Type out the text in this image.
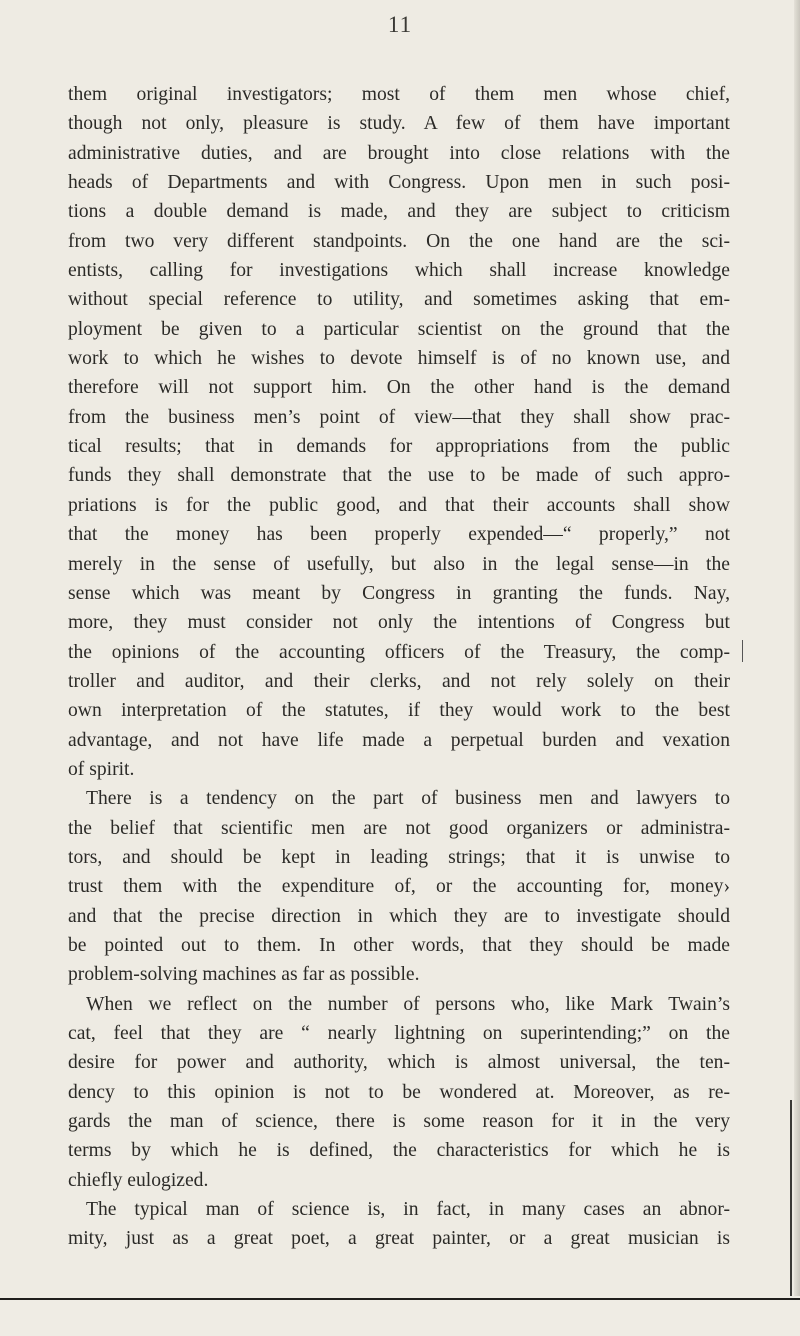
11

them original investigators; most of them men whose chief,
though not only, pleasure is study. A few of them have important
administrative duties, and are brought into close relations with the
heads of Departments and with Congress. Upon men in such posi-
tions a double demand is made, and they are subject to criticism
from two very different standpoints. On the one hand are the sci-
entists, calling for investigations which shall increase knowledge
without special reference to utility, and sometimes asking that em-
ployment be given to a particular scientist on the ground that the
work to which he wishes to devote himself is of no known use, and
therefore will not support him. On the other hand is the demand
from the business men’s point of view—that they shall show prac-
tical results; that in demands for appropriations from the public
funds they shall demonstrate that the use to be made of such appro-
priations is for the public good, and that their accounts shall show
that the money has been properly expended—“ properly,” not
merely in the sense of usefully, but also in the legal sense—in the
sense which was meant by Congress in granting the funds. Nay,
more, they must consider not only the intentions of Congress but
the opinions of the accounting officers of the Treasury, the comp-
troller and auditor, and their clerks, and not rely solely on their
own interpretation of the statutes, if they would work to the best
advantage, and not have life made a perpetual burden and vexation
of spirit.

There is a tendency on the part of business men and lawyers to
the belief that scientific men are not good organizers or administra-
tors, and should be kept in leading strings; that it is unwise to
trust them with the expenditure of, or the accounting for, money›
and that the precise direction in which they are to investigate should
be pointed out to them. In other words, that they should be made
problem-solving machines as far as possible.

When we reflect on the number of persons who, like Mark Twain’s
cat, feel that they are “ nearly lightning on superintending;” on the
desire for power and authority, which is almost universal, the ten-
dency to this opinion is not to be wondered at. Moreover, as re-
gards the man of science, there is some reason for it in the very
terms by which he is defined, the characteristics for which he is
chiefly eulogized.

The typical man of science is, in fact, in many cases an abnor-
mity, just as a great poet, a great painter, or a great musician is
